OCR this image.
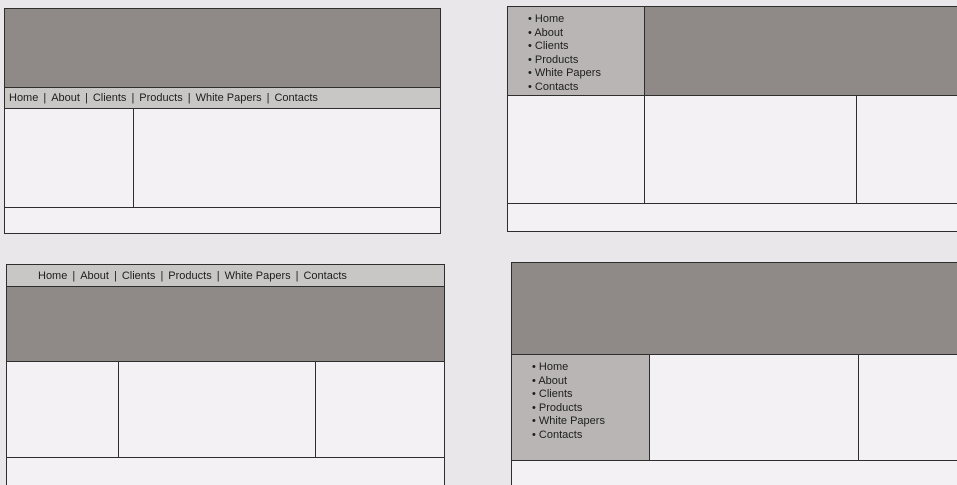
Home | About | Clients | Products | White Papers | Contacts
• Home
• About
• Clients
• Products
• White Papers
• Contacts
Home | About | Clients | Products | White Papers | Contacts
• Home
• About
• Clients
• Products
• White Papers
• Contacts
